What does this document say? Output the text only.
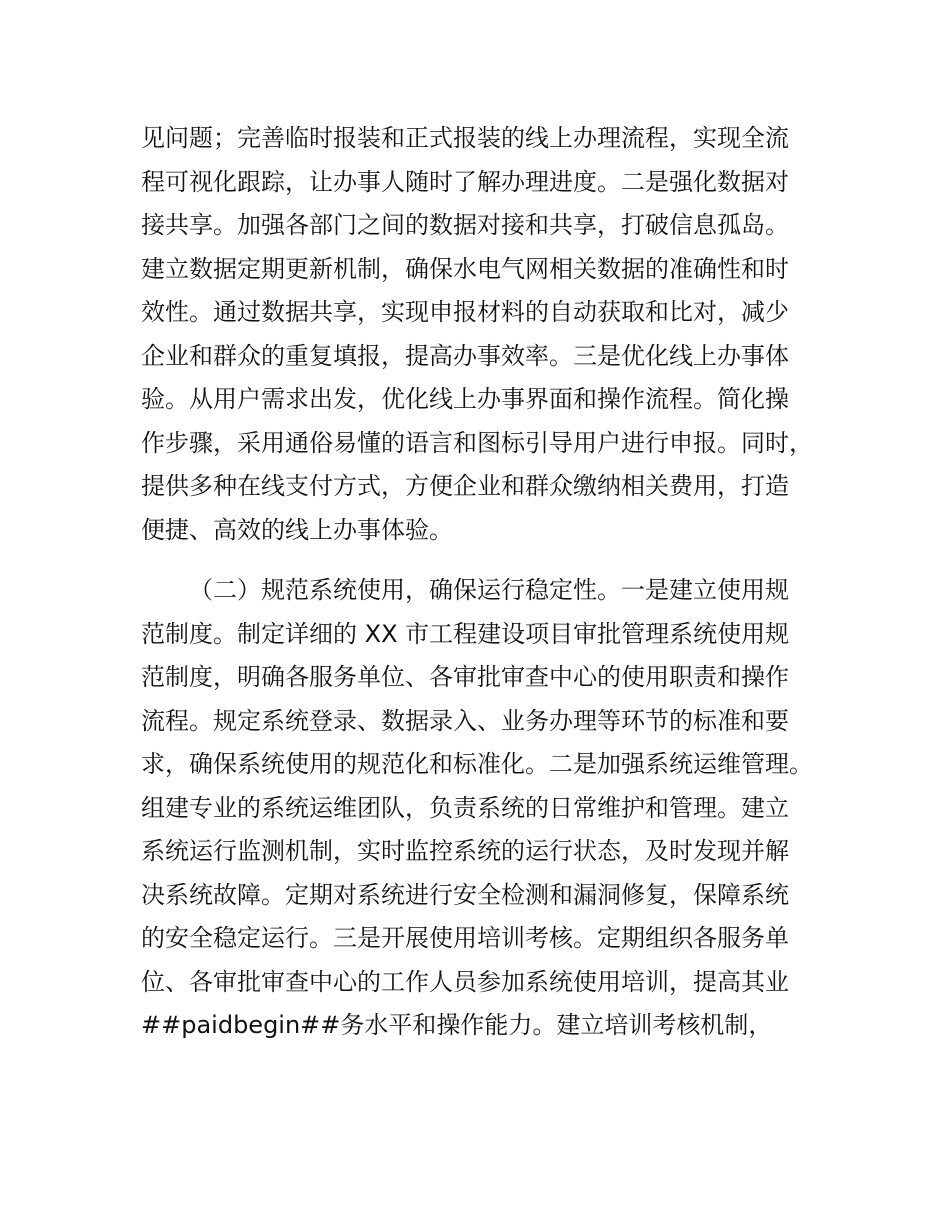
见问题；完善临时报装和正式报装的线上办理流程，实现全流
程可视化跟踪，让办事人随时了解办理进度。二是强化数据对
接共享。加强各部门之间的数据对接和共享，打破信息孤岛。
建立数据定期更新机制，确保水电气网相关数据的准确性和时
效性。通过数据共享，实现申报材料的自动获取和比对，减少
企业和群众的重复填报，提高办事效率。三是优化线上办事体
验。从用户需求出发，优化线上办事界面和操作流程。简化操
作步骤，采用通俗易懂的语言和图标引导用户进行申报。同时，
提供多种在线支付方式，方便企业和群众缴纳相关费用，打造
便捷、高效的线上办事体验。
（二）规范系统使用，确保运行稳定性。一是建立使用规
范制度。制定详细的 XX 市工程建设项目审批管理系统使用规
范制度，明确各服务单位、各审批审查中心的使用职责和操作
流程。规定系统登录、数据录入、业务办理等环节的标准和要
求，确保系统使用的规范化和标准化。二是加强系统运维管理。
组建专业的系统运维团队，负责系统的日常维护和管理。建立
系统运行监测机制，实时监控系统的运行状态，及时发现并解
决系统故障。定期对系统进行安全检测和漏洞修复，保障系统
的安全稳定运行。三是开展使用培训考核。定期组织各服务单
位、各审批审查中心的工作人员参加系统使用培训，提高其业
##paidbegin##务水平和操作能力。建立培训考核机制，
